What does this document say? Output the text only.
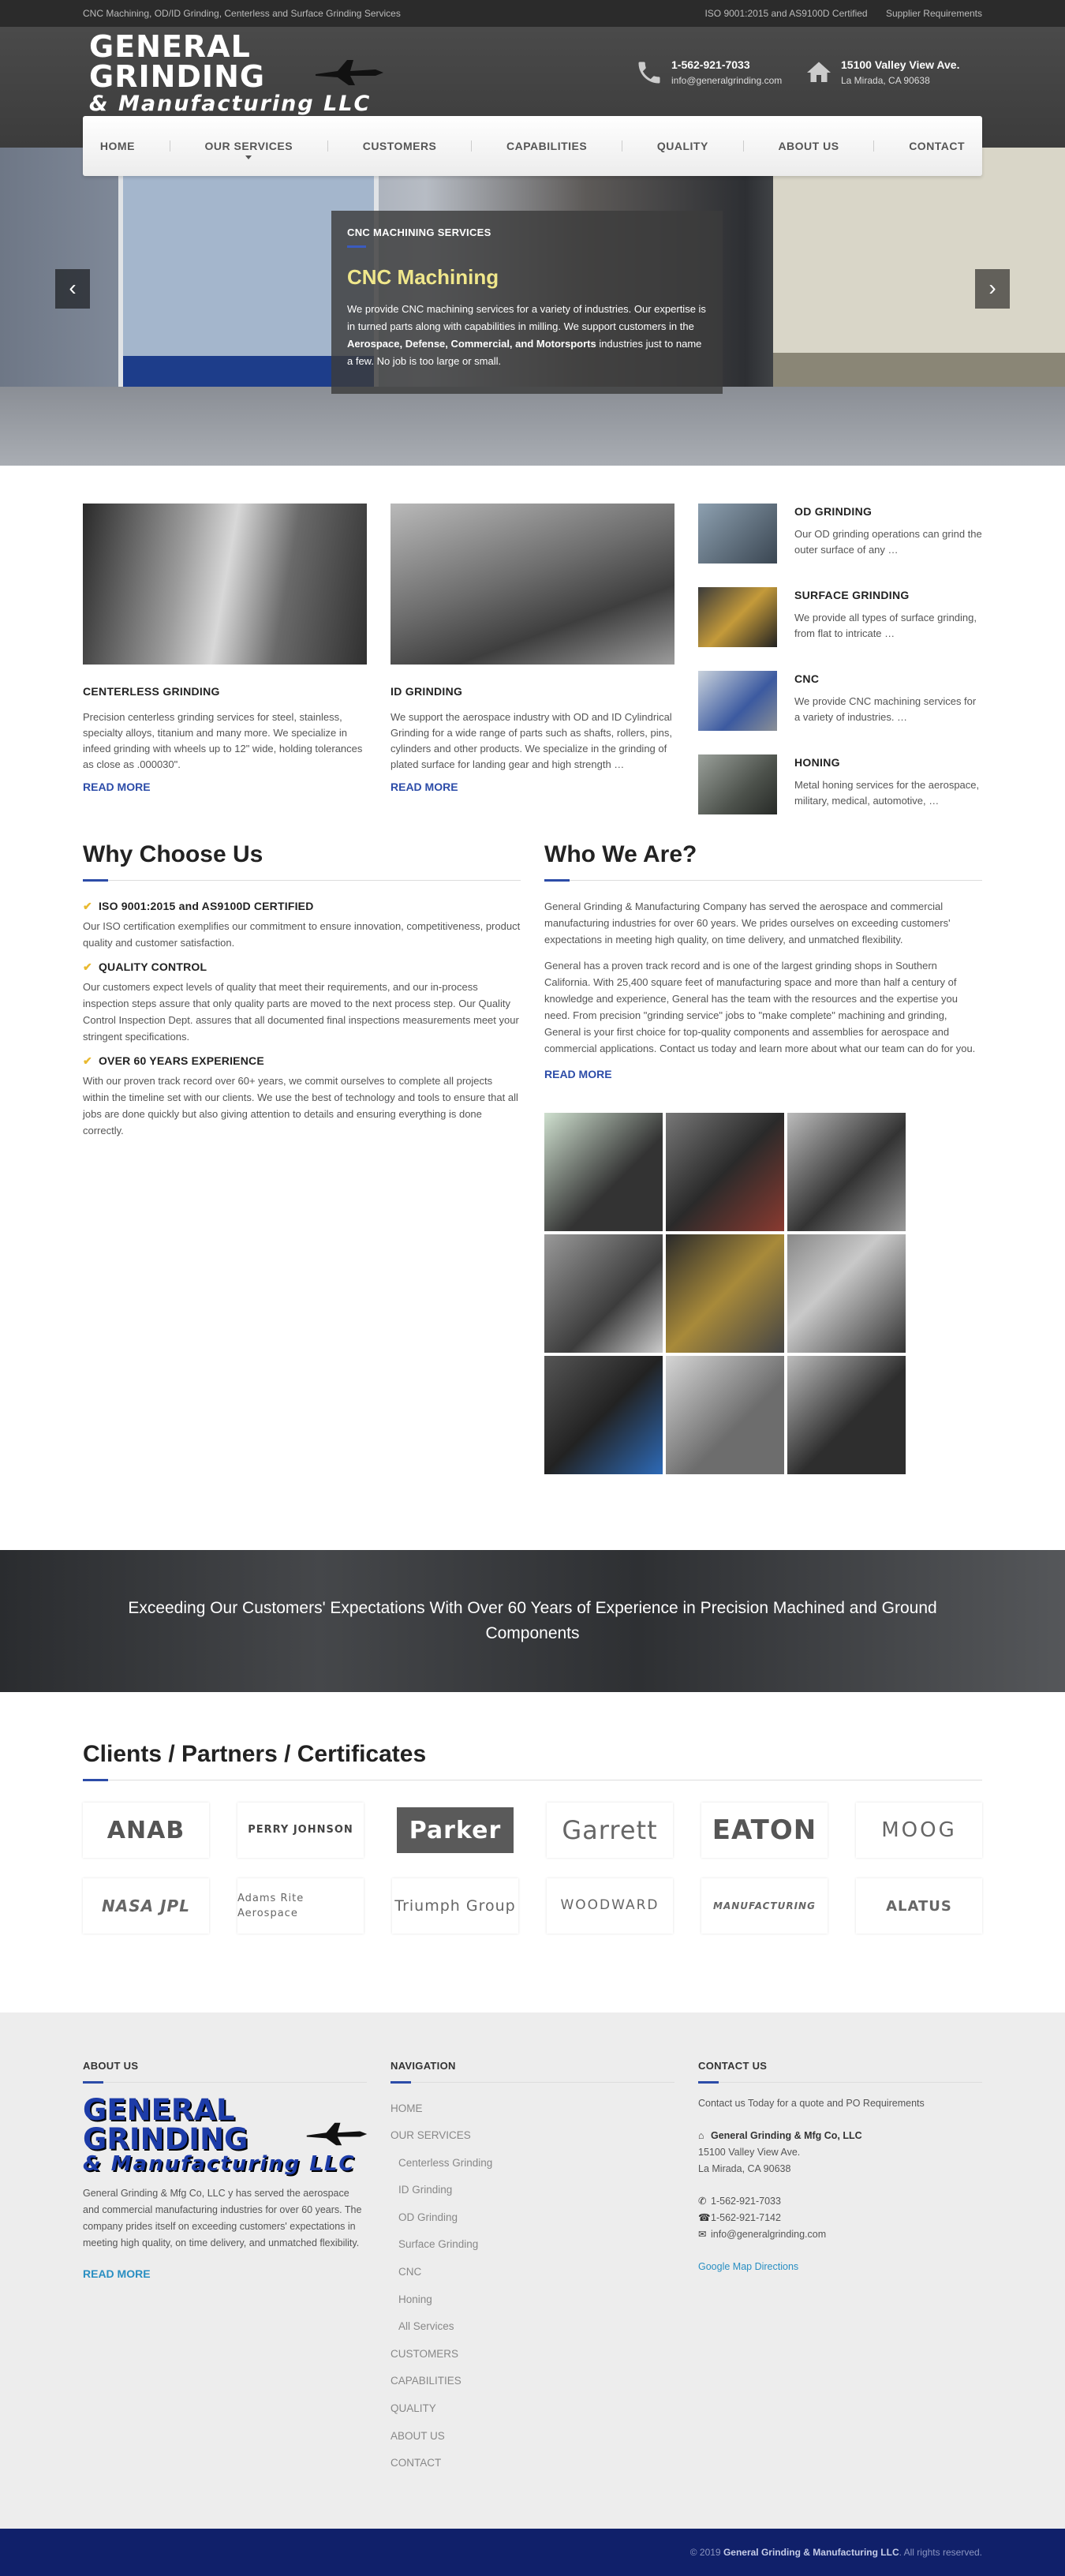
CNC Machining, OD/ID Grinding, Centerless and Surface Grinding Services	ISO 9001:2015 and AS9100D Certified Supplier Requirements
GENERAL
GRINDING
& Manufacturing LLC
1-562-921-7033
info@generalgrinding.com
15100 Valley View Ave.
La Mirada, CA 90638
HOME	OUR SERVICES	CUSTOMERS	CAPABILITIES	QUALITY	ABOUT US	CONTACT
CNC MACHINING SERVICES
CNC Machining

We provide CNC machining services for a variety of industries. Our expertise is in turned parts along with capabilities in milling. We support customers in the Aerospace, Defense, Commercial, and Motorsports industries just to name a few. No job is too large or small.

‹	›
CENTERLESS GRINDING

Precision centerless grinding services for steel, stainless, specialty alloys, titanium and many more. We specialize in infeed grinding with wheels up to 12" wide, holding tolerances as close as .000030".

READ MORE
ID GRINDING

We support the aerospace industry with OD and ID Cylindrical Grinding for a wide range of parts such as shafts, rollers, pins, cylinders and other products. We specialize in the grinding of plated surface for landing gear and high strength …

READ MORE
OD GRINDING

Our OD grinding operations can grind the outer surface of any …

SURFACE GRINDING

We provide all types of surface grinding, from flat to intricate …

CNC

We provide CNC machining services for a variety of industries. …

HONING

Metal honing services for the aerospace, military, medical, automotive, …

Why Choose Us
✔ ISO 9001:2015 and AS9100D CERTIFIED

Our ISO certification exemplifies our commitment to ensure innovation, competitiveness, product quality and customer satisfaction.

✔ QUALITY CONTROL

Our customers expect levels of quality that meet their requirements, and our in-process inspection steps assure that only quality parts are moved to the next process step. Our Quality Control Inspection Dept. assures that all documented final inspections measurements meet your stringent specifications.

✔ OVER 60 YEARS EXPERIENCE

With our proven track record over 60+ years, we commit ourselves to complete all projects within the timeline set with our clients. We use the best of technology and tools to ensure that all jobs are done quickly but also giving attention to details and ensuring everything is done correctly.

Who We Are?

General Grinding & Manufacturing Company has served the aerospace and commercial manufacturing industries for over 60 years. We prides ourselves on exceeding customers' expectations in meeting high quality, on time delivery, and unmatched flexibility.

General has a proven track record and is one of the largest grinding shops in Southern California. With 25,400 square feet of manufacturing space and more than half a century of knowledge and experience, General has the team with the resources and the expertise you need. From precision "grinding service" jobs to "make complete" machining and grinding, General is your first choice for top-quality components and assemblies for aerospace and commercial applications. Contact us today and learn more about what our team can do for you.

READ MORE

Exceeding Our Customers' Expectations With Over 60 Years of Experience in Precision Machined and Ground Components

Clients / Partners / Certificates
ANAB	PERRY JOHNSON	Parker	Garrett	EATON	MOOG
NASA JPL	Adams Rite Aerospace	Triumph Group	WOODWARD	MANUFACTURING	ALATUS
ABOUT US
GENERAL
GRINDING
& Manufacturing LLC

General Grinding & Mfg Co, LLC y has served the aerospace and commercial manufacturing industries for over 60 years. The company prides itself on exceeding customers' expectations in meeting high quality, on time delivery, and unmatched flexibility.

READ MORE
NAVIGATION
HOME
OUR SERVICES
Centerless Grinding
ID Grinding
OD Grinding
Surface Grinding
CNC
Honing
All Services
CUSTOMERS
CAPABILITIES
QUALITY
ABOUT US
CONTACT
CONTACT US

Contact us Today for a quote and PO Requirements

⌂ General Grinding & Mfg Co, LLC

15100 Valley View Ave.

La Mirada, CA 90638

✆ 1-562-921-7033

☎1-562-921-7142

✉ info@generalgrinding.com

Google Map Directions

© 2019 General Grinding & Manufacturing LLC. All rights reserved.
